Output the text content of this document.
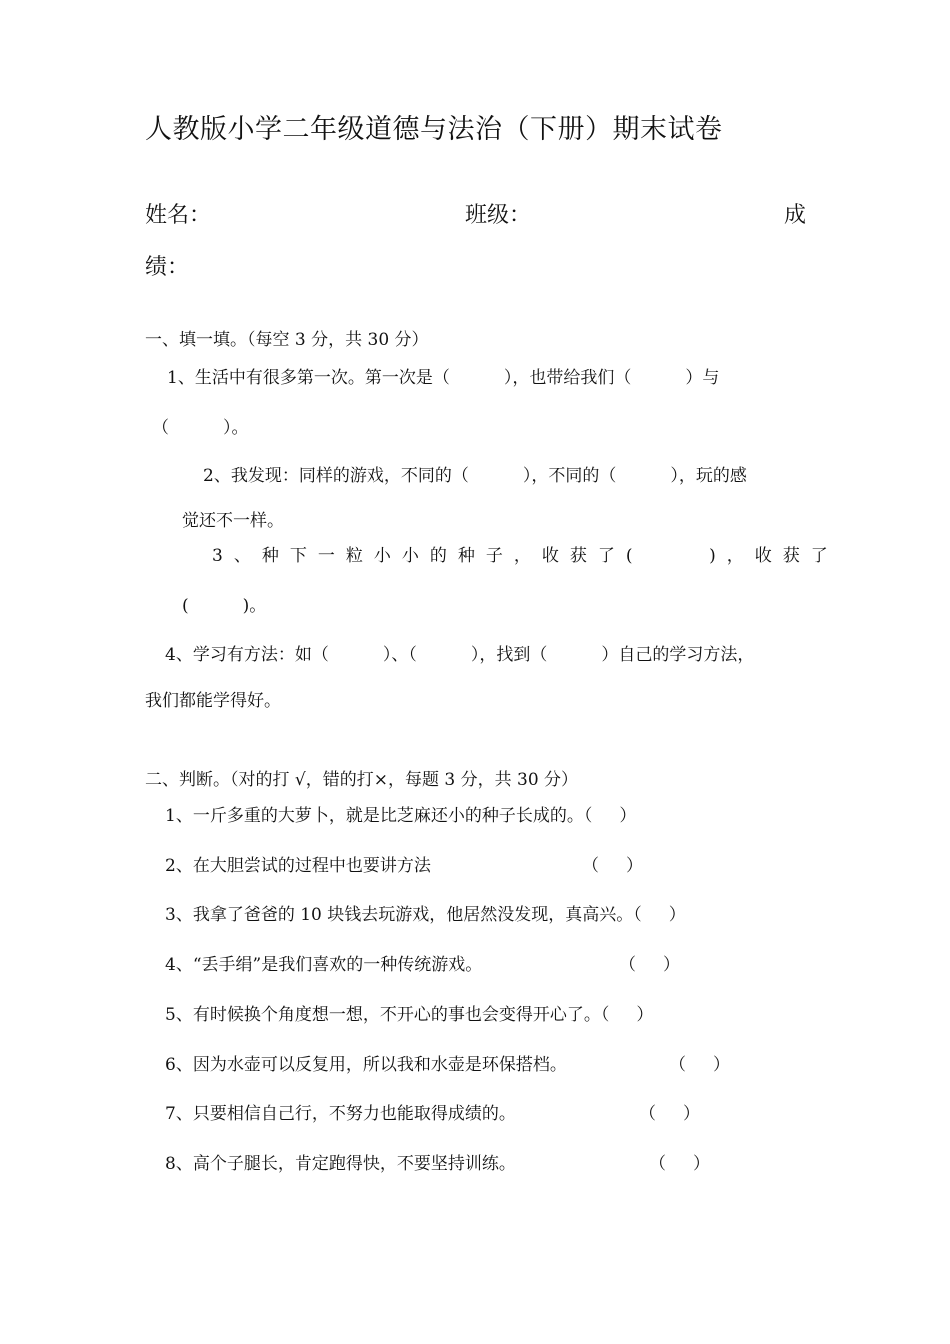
人教版小学二年级道德与法治（下册）期末试卷
姓名：	班级：	成
绩：
一、填一填。（每空 3 分，共 30 分）
1、生活中有很多第一次。第一次是（          ），也带给我们（          ）与
（          ）。
2、我发现：同样的游戏，不同的（          ），不同的（          ），玩的感
觉还不一样。
3、种下一粒小小的种子，收获了(    )，收获了
(          )。
4、学习有方法：如（          ）、（          ），找到（          ）自己的学习方法，
我们都能学得好。
二、判断。（对的打 √，错的打×，每题 3 分，共 30 分）
1、一斤多重的大萝卜，就是比芝麻还小的种子长成的。（     ）
2、在大胆尝试的过程中也要讲方法	（     ）
3、我拿了爸爸的 10 块钱去玩游戏，他居然没发现，真高兴。（     ）
4、“丢手绢”是我们喜欢的一种传统游戏。	（     ）
5、有时候换个角度想一想，不开心的事也会变得开心了。（     ）
6、因为水壶可以反复用，所以我和水壶是环保搭档。	（     ）
7、只要相信自己行，不努力也能取得成绩的。	（     ）
8、高个子腿长，肯定跑得快，不要坚持训练。	（     ）
